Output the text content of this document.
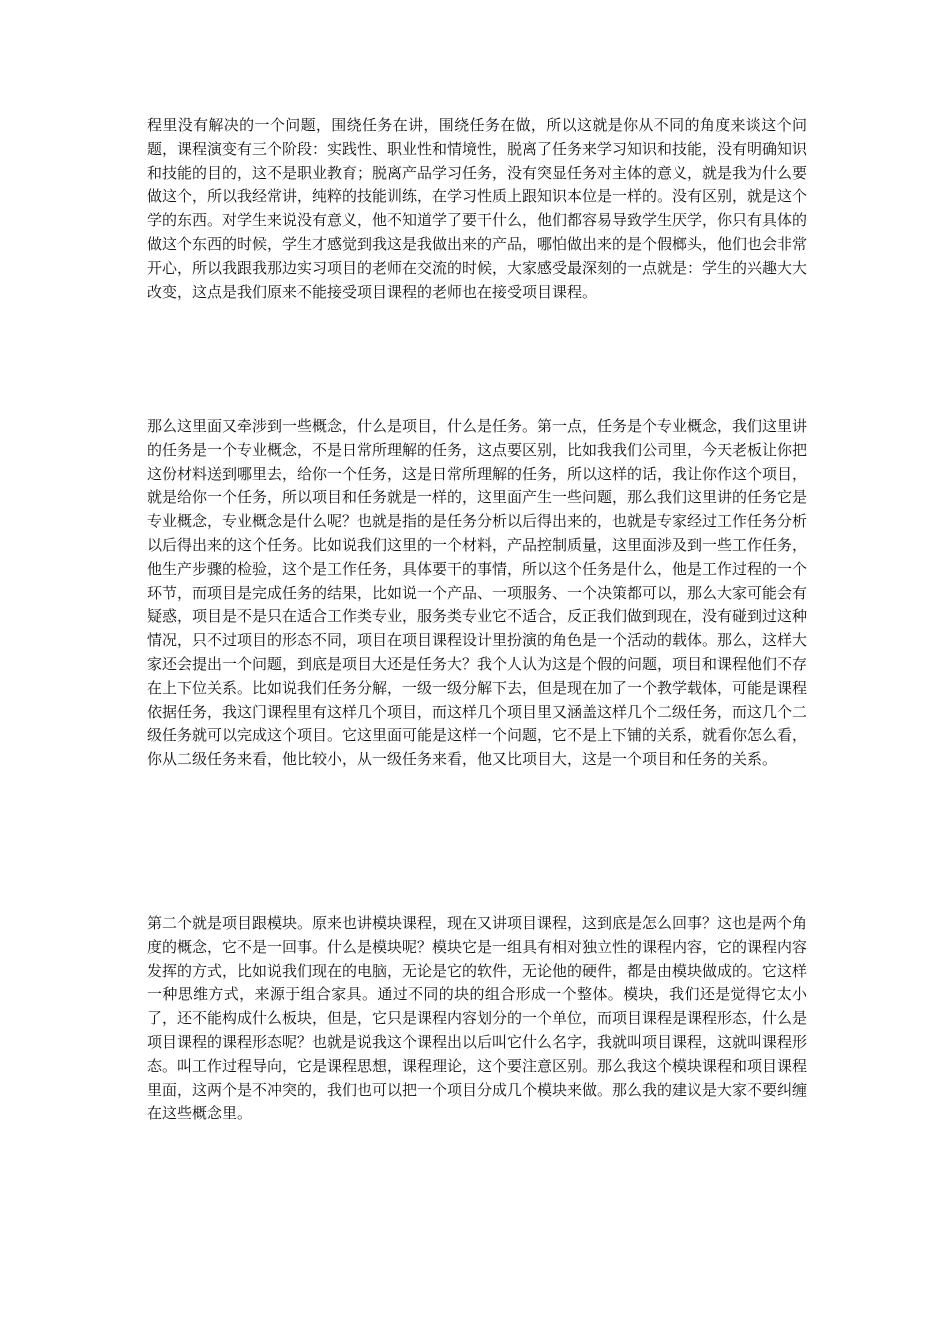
程里没有解决的一个问题，围绕任务在讲，围绕任务在做，所以这就是你从不同的角度来谈这个问题，课程演变有三个阶段：实践性、职业性和情境性，脱离了任务来学习知识和技能，没有明确知识和技能的目的，这不是职业教育；脱离产品学习任务，没有突显任务对主体的意义，就是我为什么要做这个，所以我经常讲，纯粹的技能训练，在学习性质上跟知识本位是一样的。没有区别，就是这个学的东西。对学生来说没有意义，他不知道学了要干什么，他们都容易导致学生厌学，你只有具体的做这个东西的时候，学生才感觉到我这是我做出来的产品，哪怕做出来的是个假榔头，他们也会非常开心，所以我跟我那边实习项目的老师在交流的时候，大家感受最深刻的一点就是：学生的兴趣大大改变，这点是我们原来不能接受项目课程的老师也在接受项目课程。

那么这里面又牵涉到一些概念，什么是项目，什么是任务。第一点，任务是个专业概念，我们这里讲的任务是一个专业概念，不是日常所理解的任务，这点要区别，比如我我们公司里，今天老板让你把这份材料送到哪里去，给你一个任务，这是日常所理解的任务，所以这样的话，我让你作这个项目，就是给你一个任务，所以项目和任务就是一样的，这里面产生一些问题，那么我们这里讲的任务它是专业概念，专业概念是什么呢？也就是指的是任务分析以后得出来的，也就是专家经过工作任务分析以后得出来的这个任务。比如说我们这里的一个材料，产品控制质量，这里面涉及到一些工作任务，他生产步骤的检验，这个是工作任务，具体要干的事情，所以这个任务是什么，他是工作过程的一个环节，而项目是完成任务的结果，比如说一个产品、一项服务、一个决策都可以，那么大家可能会有疑惑，项目是不是只在适合工作类专业，服务类专业它不适合，反正我们做到现在，没有碰到过这种情况，只不过项目的形态不同，项目在项目课程设计里扮演的角色是一个活动的载体。那么，这样大家还会提出一个问题，到底是项目大还是任务大？我个人认为这是个假的问题，项目和课程他们不存在上下位关系。比如说我们任务分解，一级一级分解下去，但是现在加了一个教学载体，可能是课程依据任务，我这门课程里有这样几个项目，而这样几个项目里又涵盖这样几个二级任务，而这几个二级任务就可以完成这个项目。它这里面可能是这样一个问题，它不是上下铺的关系，就看你怎么看，你从二级任务来看，他比较小，从一级任务来看，他又比项目大，这是一个项目和任务的关系。

第二个就是项目跟模块。原来也讲模块课程，现在又讲项目课程，这到底是怎么回事？这也是两个角度的概念，它不是一回事。什么是模块呢？模块它是一组具有相对独立性的课程内容，它的课程内容发挥的方式，比如说我们现在的电脑，无论是它的软件，无论他的硬件，都是由模块做成的。它这样一种思维方式，来源于组合家具。通过不同的块的组合形成一个整体。模块，我们还是觉得它太小了，还不能构成什么板块，但是，它只是课程内容划分的一个单位，而项目课程是课程形态，什么是项目课程的课程形态呢？也就是说我这个课程出以后叫它什么名字，我就叫项目课程，这就叫课程形态。叫工作过程导向，它是课程思想，课程理论，这个要注意区别。那么我这个模块课程和项目课程里面，这两个是不冲突的，我们也可以把一个项目分成几个模块来做。那么我的建议是大家不要纠缠在这些概念里。
